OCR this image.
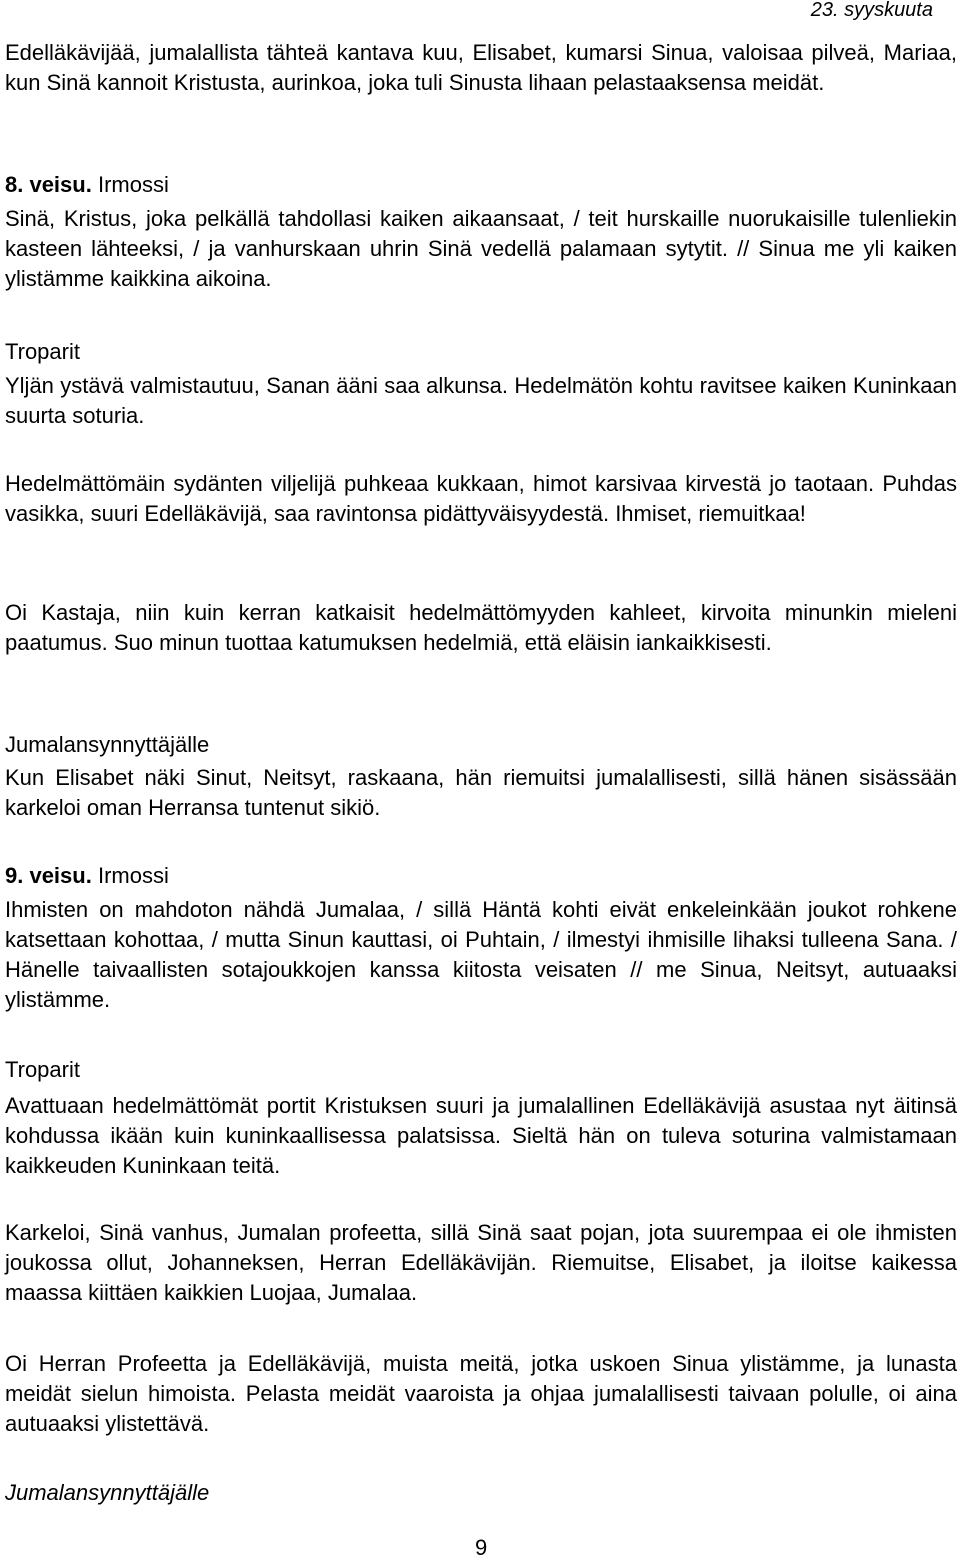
23. syyskuuta

Edelläkävijää, jumalallista tähteä kantava kuu, Elisabet, kumarsi Sinua, valoisaa pilveä, Mariaa, kun Sinä kannoit Kristusta, aurinkoa, joka tuli Sinusta lihaan pelastaaksensa meidät.

8. veisu. Irmossi

Sinä, Kristus, joka pelkällä tahdollasi kaiken aikaansaat, / teit hurskaille nuorukaisille tulenliekin kasteen lähteeksi, / ja vanhurskaan uhrin Sinä vedellä palamaan sytytit. // Sinua me yli kaiken ylistämme kaikkina aikoina.

Troparit

Yljän ystävä valmistautuu, Sanan ääni saa alkunsa. Hedelmätön kohtu ravitsee kaiken Kuninkaan suurta soturia.

Hedelmättömäin sydänten viljelijä puhkeaa kukkaan, himot karsivaa kirvestä jo taotaan. Puhdas vasikka, suuri Edelläkävijä, saa ravintonsa pidättyväisyydestä. Ihmiset, riemuitkaa!

Oi Kastaja, niin kuin kerran katkaisit hedelmättömyyden kahleet, kirvoita minunkin mieleni paatumus. Suo minun tuottaa katumuksen hedelmiä, että eläisin iankaikkisesti.

Jumalansynnyttäjälle

Kun Elisabet näki Sinut, Neitsyt, raskaana, hän riemuitsi jumalallisesti, sillä hänen sisässään karkeloi oman Herransa tuntenut sikiö.

9. veisu. Irmossi

Ihmisten on mahdoton nähdä Jumalaa, / sillä Häntä kohti eivät enkeleinkään joukot rohkene katsettaan kohottaa, / mutta Sinun kauttasi, oi Puhtain, / ilmestyi ihmisille lihaksi tulleena Sana. / Hänelle taivaallisten sotajoukkojen kanssa kiitosta veisaten // me Sinua, Neitsyt, autuaaksi ylistämme.

Troparit

Avattuaan hedelmättömät portit Kristuksen suuri ja jumalallinen Edelläkävijä asustaa nyt äitinsä kohdussa ikään kuin kuninkaallisessa palatsissa. Sieltä hän on tuleva soturina valmistamaan kaikkeuden Kuninkaan teitä.

Karkeloi, Sinä vanhus, Jumalan profeetta, sillä Sinä saat pojan, jota suurempaa ei ole ihmisten joukossa ollut, Johanneksen, Herran Edelläkävijän. Riemuitse, Elisabet, ja iloitse kaikessa maassa kiittäen kaikkien Luojaa, Jumalaa.

Oi Herran Profeetta ja Edelläkävijä, muista meitä, jotka uskoen Sinua ylistämme, ja lunasta meidät sielun himoista. Pelasta meidät vaaroista ja ohjaa jumalallisesti taivaan polulle, oi aina autuaaksi ylistettävä.

Jumalansynnyttäjälle
9
